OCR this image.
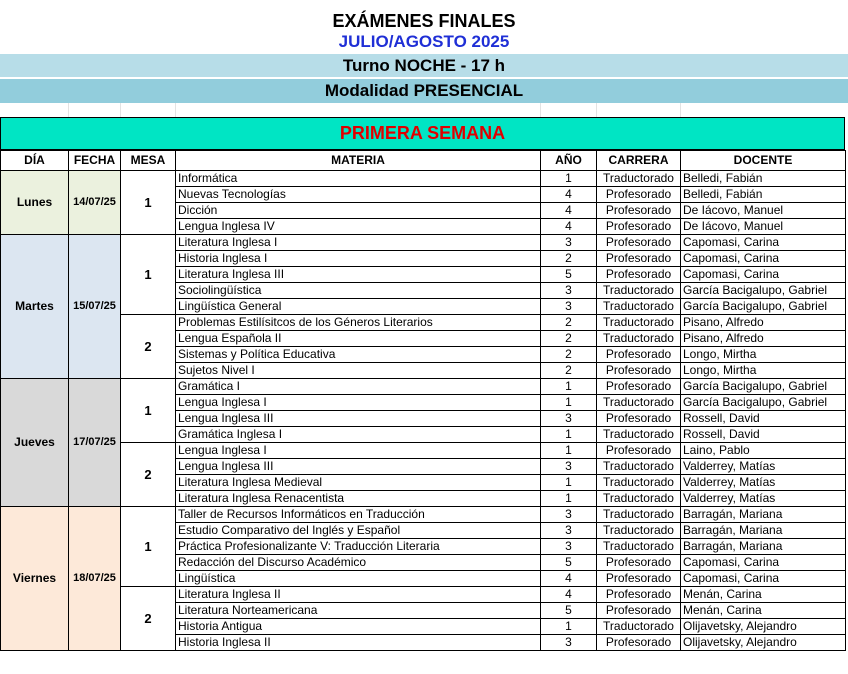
EXÁMENES FINALES
JULIO/AGOSTO 2025
Turno NOCHE - 17 h
Modalidad PRESENCIAL
PRIMERA SEMANA
DÍA	FECHA	MESA	MATERIA	AÑO	CARRERA	DOCENTE
Lunes	14/07/25	1	Informática	1	Traductorado	Belledi, Fabián
			Nuevas Tecnologías	4	Profesorado	Belledi, Fabián
			Dicción	4	Profesorado	De Iácovo, Manuel
			Lengua Inglesa IV	4	Profesorado	De Iácovo, Manuel
Martes	15/07/25	1	Literatura Inglesa I	3	Profesorado	Capomasi, Carina
			Historia Inglesa I	2	Profesorado	Capomasi, Carina
			Literatura Inglesa III	5	Profesorado	Capomasi, Carina
			Sociolingüística	3	Traductorado	García Bacigalupo, Gabriel
			Lingüística General	3	Traductorado	García Bacigalupo, Gabriel
		2	Problemas Estilísitcos de los Géneros Literarios	2	Traductorado	Pisano, Alfredo
			Lengua Española II	2	Traductorado	Pisano, Alfredo
			Sistemas y Política Educativa	2	Profesorado	Longo, Mirtha
			Sujetos Nivel I	2	Profesorado	Longo, Mirtha
Jueves	17/07/25	1	Gramática I	1	Profesorado	García Bacigalupo, Gabriel
			Lengua Inglesa I	1	Traductorado	García Bacigalupo, Gabriel
			Lengua Inglesa III	3	Profesorado	Rossell, David
			Gramática Inglesa I	1	Traductorado	Rossell, David
		2	Lengua Inglesa I	1	Profesorado	Laino, Pablo
			Lengua Inglesa III	3	Traductorado	Valderrey, Matías
			Literatura Inglesa Medieval	1	Traductorado	Valderrey, Matías
			Literatura Inglesa Renacentista	1	Traductorado	Valderrey, Matías
Viernes	18/07/25	1	Taller de Recursos Informáticos en Traducción	3	Traductorado	Barragán, Mariana
			Estudio Comparativo del Inglés y Español	3	Traductorado	Barragán, Mariana
			Práctica Profesionalizante V: Traducción Literaria	3	Traductorado	Barragán, Mariana
			Redacción del Discurso Académico	5	Profesorado	Capomasi, Carina
			Lingüística	4	Profesorado	Capomasi, Carina
		2	Literatura Inglesa II	4	Profesorado	Menán, Carina
			Literatura Norteamericana	5	Profesorado	Menán, Carina
			Historia Antigua	1	Traductorado	Olijavetsky, Alejandro
			Historia Inglesa II	3	Profesorado	Olijavetsky, Alejandro
